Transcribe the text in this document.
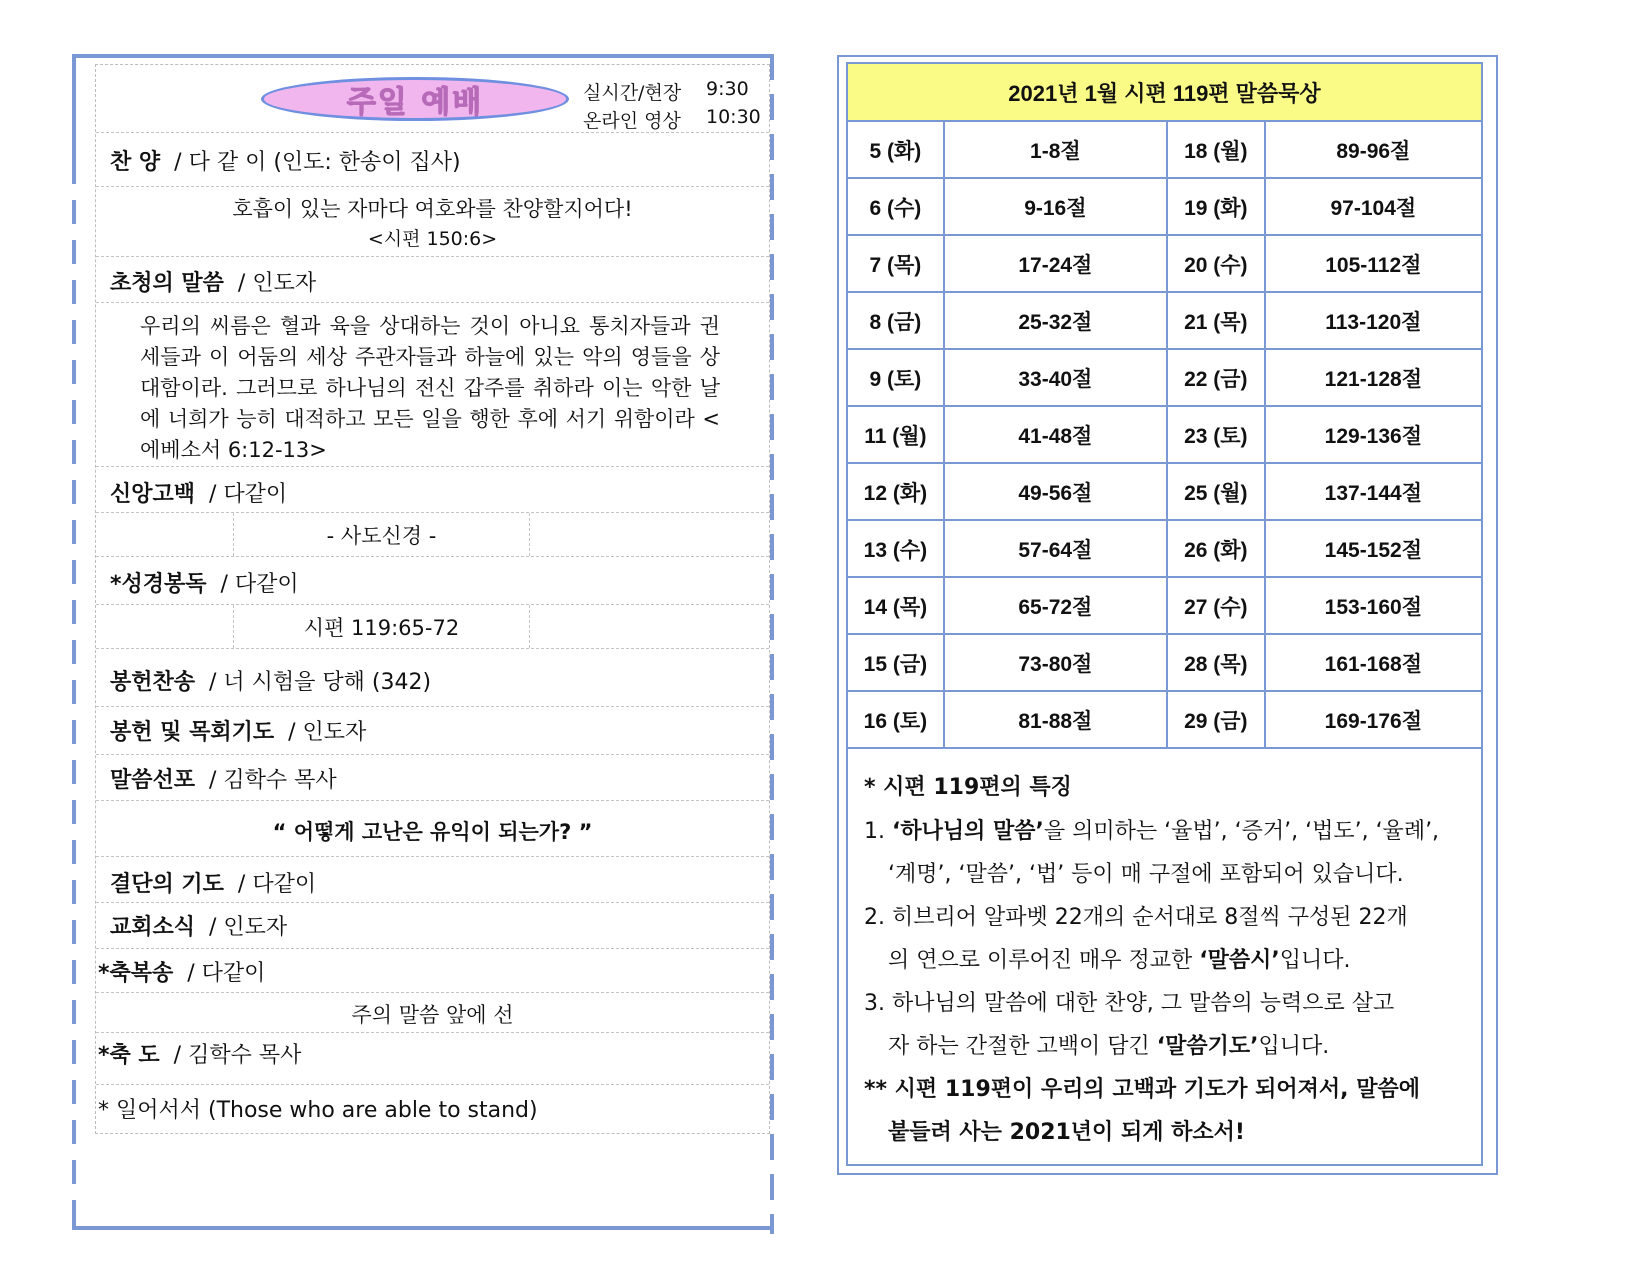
주일 예배	실시간/현장 9:30
온라인 영상 10:30
찬 양 / 다 같 이 (인도: 한송이 집사)
호흡이 있는 자마다 여호와를 찬양할지어다!
<시편 150:6>
초청의 말씀 / 인도자
우리의 씨름은 혈과 육을 상대하는 것이 아니요 통치자들과 권세들과 이 어둠의 세상 주관자들과 하늘에 있는 악의 영들을 상대함이라. 그러므로 하나님의 전신 갑주를 취하라 이는 악한 날에 너희가 능히 대적하고 모든 일을 행한 후에 서기 위함이라 <에베소서 6:12-13>
신앙고백 / 다같이
- 사도신경 -
*성경봉독 / 다같이
시편 119:65-72
봉헌찬송 / 너 시험을 당해 (342)
봉헌 및 목회기도 / 인도자
말씀선포 / 김학수 목사
“ 어떻게 고난은 유익이 되는가? ”
결단의 기도 / 다같이
교회소식 / 인도자
*축복송 / 다같이
주의 말씀 앞에 선
*축 도 / 김학수 목사
* 일어서서 (Those who are able to stand)
2021년 1월 시편 119편 말씀묵상			
5 (화)	1-8절	18 (월)	89-96절
6 (수)	9-16절	19 (화)	97-104절
7 (목)	17-24절	20 (수)	105-112절
8 (금)	25-32절	21 (목)	113-120절
9 (토)	33-40절	22 (금)	121-128절
11 (월)	41-48절	23 (토)	129-136절
12 (화)	49-56절	25 (월)	137-144절
13 (수)	57-64절	26 (화)	145-152절
14 (목)	65-72절	27 (수)	153-160절
15 (금)	73-80절	28 (목)	161-168절
16 (토)	81-88절	29 (금)	169-176절
* 시편 119편의 특징
1. ‘하나님의 말씀’을 의미하는 ‘율법’, ‘증거’, ‘법도’, ‘율례’,
‘계명’, ‘말씀’, ‘법’ 등이 매 구절에 포함되어 있습니다.
2. 히브리어 알파벳 22개의 순서대로 8절씩 구성된 22개
의 연으로 이루어진 매우 정교한 ‘말씀시’입니다.
3. 하나님의 말씀에 대한 찬양, 그 말씀의 능력으로 살고
자 하는 간절한 고백이 담긴 ‘말씀기도’입니다.
** 시편 119편이 우리의 고백과 기도가 되어져서, 말씀에
붙들려 사는 2021년이 되게 하소서!
